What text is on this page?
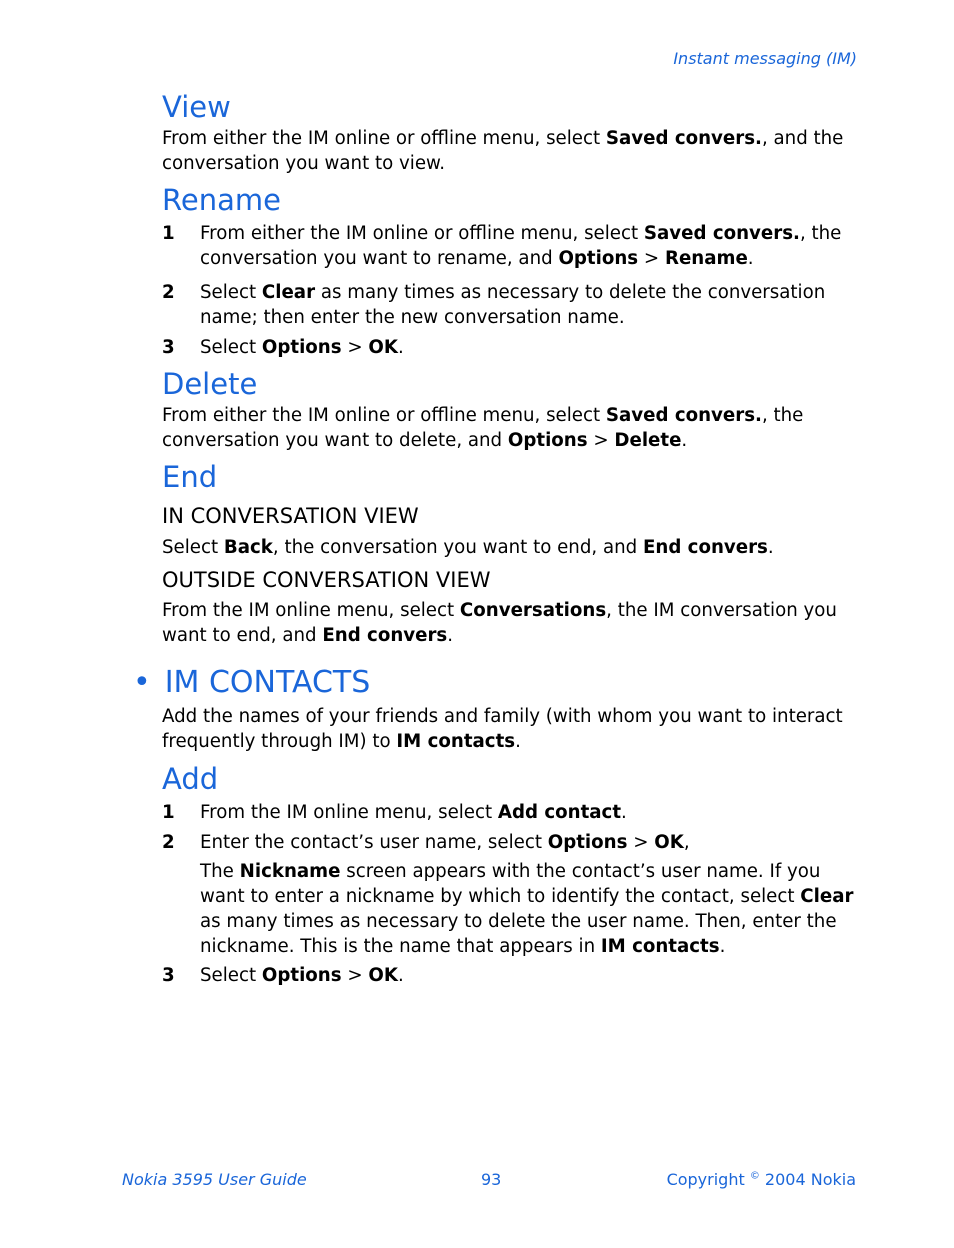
Instant messaging (IM)
View
From either the IM online or offline menu, select Saved convers., and the conversation you want to view.
Rename
1 From either the IM online or offline menu, select Saved convers., the conversation you want to rename, and Options > Rename.
2 Select Clear as many times as necessary to delete the conversation name; then enter the new conversation name.
3 Select Options > OK.
Delete
From either the IM online or offline menu, select Saved convers., the conversation you want to delete, and Options > Delete.
End
IN CONVERSATION VIEW
Select Back, the conversation you want to end, and End convers.
OUTSIDE CONVERSATION VIEW
From the IM online menu, select Conversations, the IM conversation you want to end, and End convers.
• IM CONTACTS
Add the names of your friends and family (with whom you want to interact frequently through IM) to IM contacts.
Add
1 From the IM online menu, select Add contact.
2 Enter the contact’s user name, select Options > OK,
The Nickname screen appears with the contact’s user name. If you want to enter a nickname by which to identify the contact, select Clear as many times as necessary to delete the user name. Then, enter the nickname. This is the name that appears in IM contacts.
3 Select Options > OK.
Nokia 3595 User Guide	93	Copyright © 2004 Nokia
